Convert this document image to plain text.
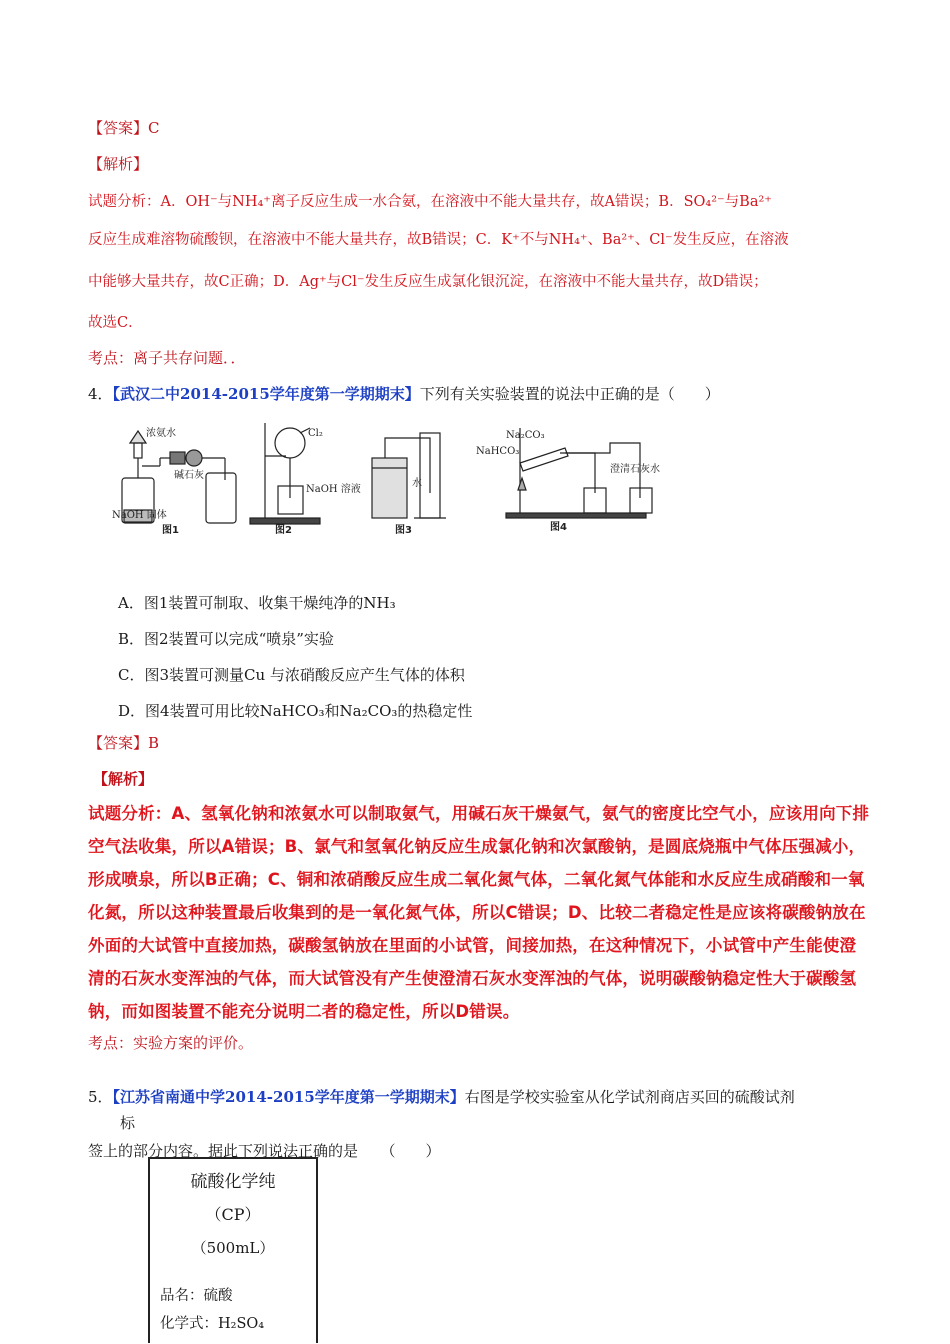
【答案】C
【解析】
试题分析：A．OH⁻与NH₄⁺离子反应生成一水合氨，在溶液中不能大量共存，故A错误；B．SO₄²⁻与Ba²⁺
反应生成难溶物硫酸钡，在溶液中不能大量共存，故B错误；C．K⁺不与NH₄⁺、Ba²⁺、Cl⁻发生反应，在溶液
中能够大量共存，故C正确；D．Ag⁺与Cl⁻发生反应生成氯化银沉淀，在溶液中不能大量共存，故D错误；
故选C．
考点：离子共存问题．．
4．【武汉二中2014-2015学年度第一学期期末】下列有关实验装置的说法中正确的是（　　）
浓氨水
碱石灰
NaOH 固体
Cl₂
NaOH 溶液
水
Na₂CO₃
NaHCO₃
澄清石灰水
图1	图2	图3	图4
A．图1装置可制取、收集干燥纯净的NH₃
B．图2装置可以完成“喷泉”实验
C．图3装置可测量Cu 与浓硝酸反应产生气体的体积
D．图4装置可用比较NaHCO₃和Na₂CO₃的热稳定性
【答案】B
【解析】
试题分析：A、氢氧化钠和浓氨水可以制取氨气，用碱石灰干燥氨气，氨气的密度比空气小，应该用向下排
空气法收集，所以A错误；B、氯气和氢氧化钠反应生成氯化钠和次氯酸钠，是圆底烧瓶中气体压强减小，
形成喷泉，所以B正确；C、铜和浓硝酸反应生成二氧化氮气体，二氧化氮气体能和水反应生成硝酸和一氧
化氮，所以这种装置最后收集到的是一氧化氮气体，所以C错误；D、比较二者稳定性是应该将碳酸钠放在
外面的大试管中直接加热，碳酸氢钠放在里面的小试管，间接加热，在这种情况下，小试管中产生能使澄
清的石灰水变浑浊的气体，而大试管没有产生使澄清石灰水变浑浊的气体，说明碳酸钠稳定性大于碳酸氢
钠，而如图装置不能充分说明二者的稳定性，所以D错误。
考点：实验方案的评价。
5．【江苏省南通中学2014-2015学年度第一学期期末】右图是学校实验室从化学试剂商店买回的硫酸试剂
标
签上的部分内容。据此下列说法正确的是　　（　　）
硫酸化学纯
（CP）
（500mL）
品名：硫酸
化学式：H₂SO₄
